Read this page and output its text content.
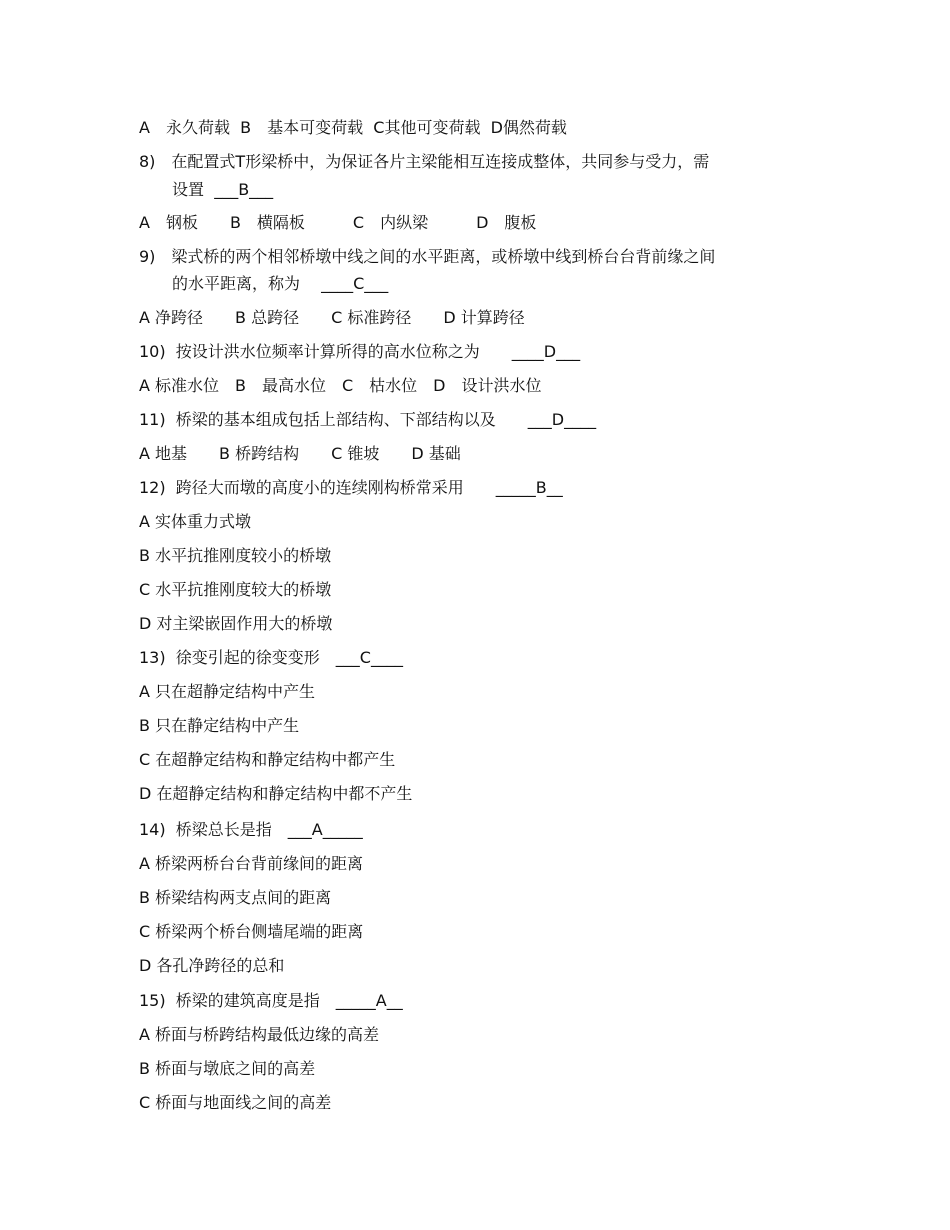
A　永久荷载  B　基本可变荷载  C其他可变荷载  D偶然荷载
8)　在配置式T形梁桥中，为保证各片主梁能相互连接成整体，共同参与受力，需
设置 ___B___
A　钢板　　B　横隔板　　　C　内纵梁　　　D　腹板
9)　梁式桥的两个相邻桥墩中线之间的水平距离，或桥墩中线到桥台台背前缘之间
的水平距离，称为　 ____C___
A 净跨径　　B 总跨径　　C 标准跨径　　D 计算跨径
10)  按设计洪水位频率计算所得的高水位称之为　　 ____D___
A 标准水位　B　最高水位　C　枯水位　D　设计洪水位
11)  桥梁的基本组成包括上部结构、下部结构以及　　 ___D____
A 地基　　B 桥跨结构　　C 锥坡　　D 基础
12)  跨径大而墩的高度小的连续刚构桥常采用　　 _____B__
A 实体重力式墩
B 水平抗推刚度较小的桥墩
C 水平抗推刚度较大的桥墩
D 对主梁嵌固作用大的桥墩
13)  徐变引起的徐变变形　 ___C____
A 只在超静定结构中产生
B 只在静定结构中产生
C 在超静定结构和静定结构中都产生
D 在超静定结构和静定结构中都不产生
14)  桥梁总长是指　 ___A_____
A 桥梁两桥台台背前缘间的距离
B 桥梁结构两支点间的距离
C 桥梁两个桥台侧墙尾端的距离
D 各孔净跨径的总和
15)  桥梁的建筑高度是指　 _____A__
A 桥面与桥跨结构最低边缘的高差
B 桥面与墩底之间的高差
C 桥面与地面线之间的高差
